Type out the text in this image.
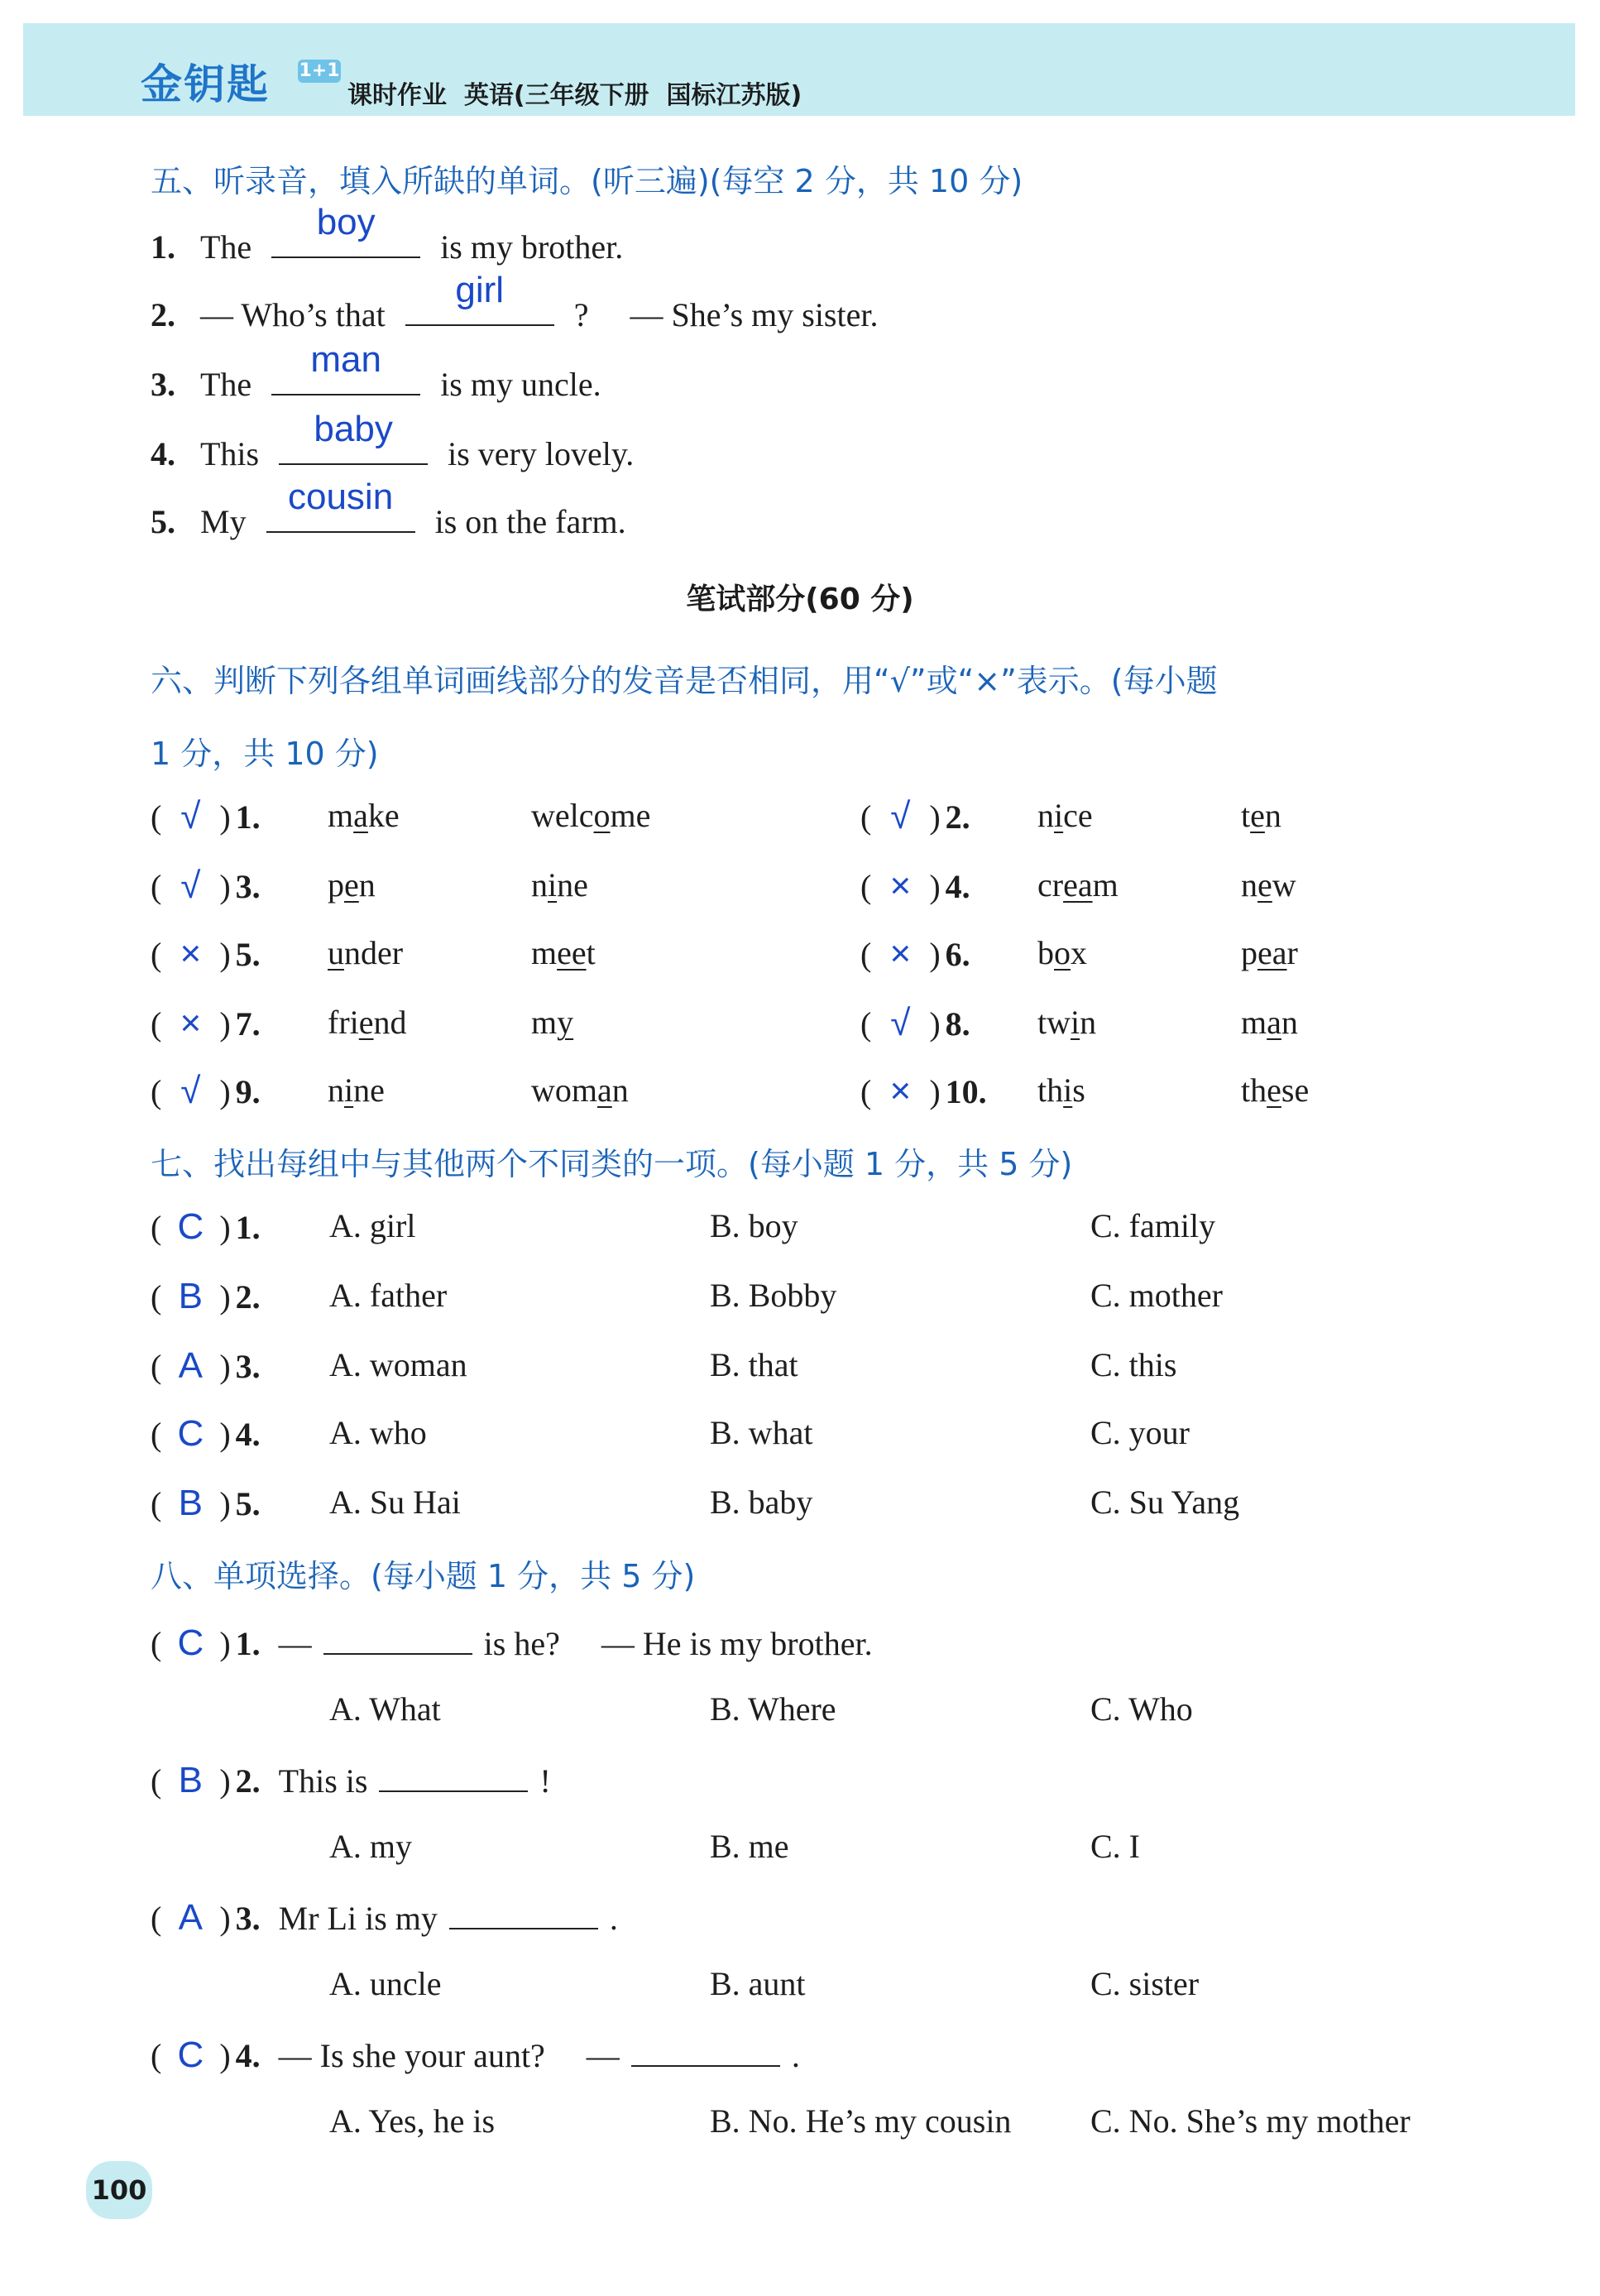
金钥匙 1+1
课时作业  英语(三年级下册  国标江苏版)
五、听录音，填入所缺的单词。(听三遍)(每空 2 分，共 10 分)
1. The
boy
is my brother.
2. — Who’s that
girl
?     — She’s my sister.
3. The
man
is my uncle.
4. This
baby
is very lovely.
5. My
cousin
is on the farm.
笔试部分(60 分)
六、判断下列各组单词画线部分的发音是否相同，用“√”或“×”表示。(每小题
1 分，共 10 分)
( √ ) 1. make	welcome	( √ ) 2. nice	ten
( √ ) 3. pen	nine	( × ) 4. cream	new
( × ) 5. under	meet	( × ) 6. box	pear
( × ) 7. friend	my	( √ ) 8. twin	man
( √ ) 9. nine	woman	( × ) 10. this	these
七、找出每组中与其他两个不同类的一项。(每小题 1 分，共 5 分)
( C ) 1. A. girl	B. boy	C. family
( B ) 2. A. father	B. Bobby	C. mother
( A ) 3. A. woman	B. that	C. this
( C ) 4. A. who	B. what	C. your
( B ) 5. A. Su Hai	B. baby	C. Su Yang
八、单项选择。(每小题 1 分，共 5 分)
( C ) 1. —	is he?     — He is my brother.
A. What	B. Where	C. Who
( B ) 2. This is	!
A. my	B. me	C. I
( A ) 3. Mr Li is my	.
A. uncle	B. aunt	C. sister
( C ) 4. — Is she your aunt?     —	.
A. Yes, he is	B. No. He’s my cousin C. No. She’s my mother
100
